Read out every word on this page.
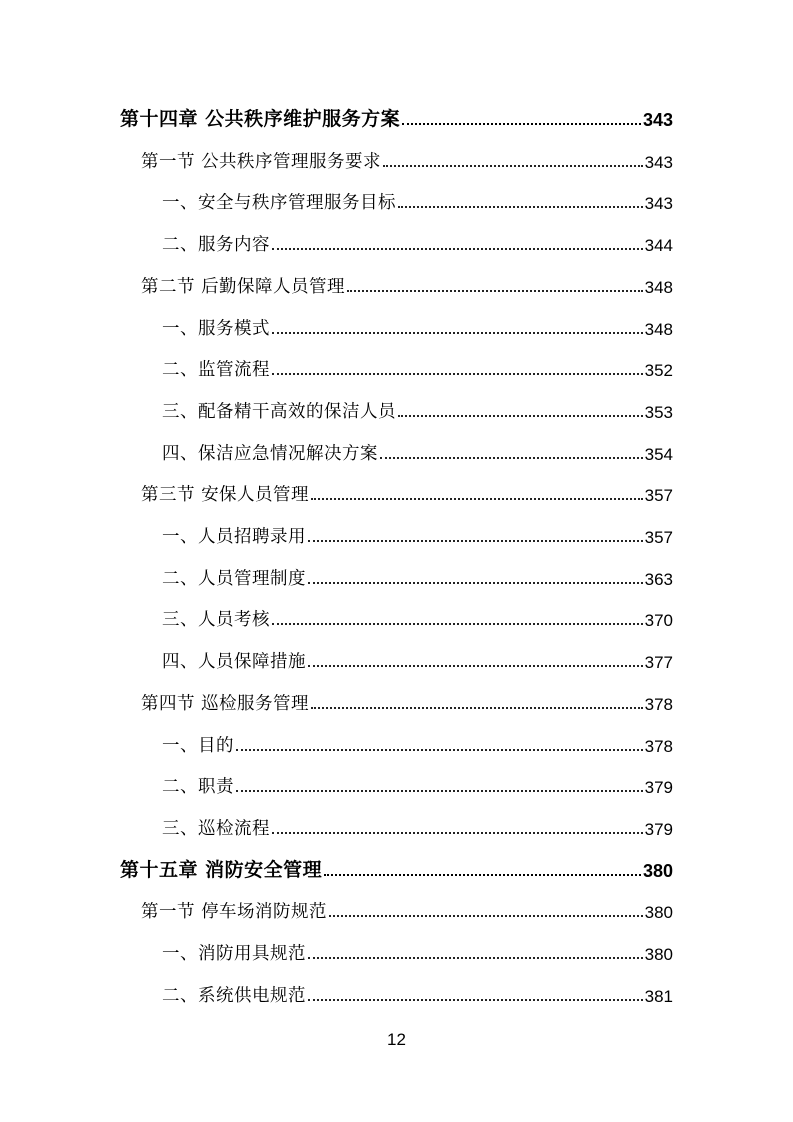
第十四章 公共秩序维护服务方案	343
第一节 公共秩序管理服务要求	343
一、安全与秩序管理服务目标	343
二、服务内容	344
第二节 后勤保障人员管理	348
一、服务模式	348
二、监管流程	352
三、配备精干高效的保洁人员	353
四、保洁应急情况解决方案	354
第三节 安保人员管理	357
一、人员招聘录用	357
二、人员管理制度	363
三、人员考核	370
四、人员保障措施	377
第四节 巡检服务管理	378
一、目的	378
二、职责	379
三、巡检流程	379
第十五章 消防安全管理	380
第一节 停车场消防规范	380
一、消防用具规范	380
二、系统供电规范	381
12
